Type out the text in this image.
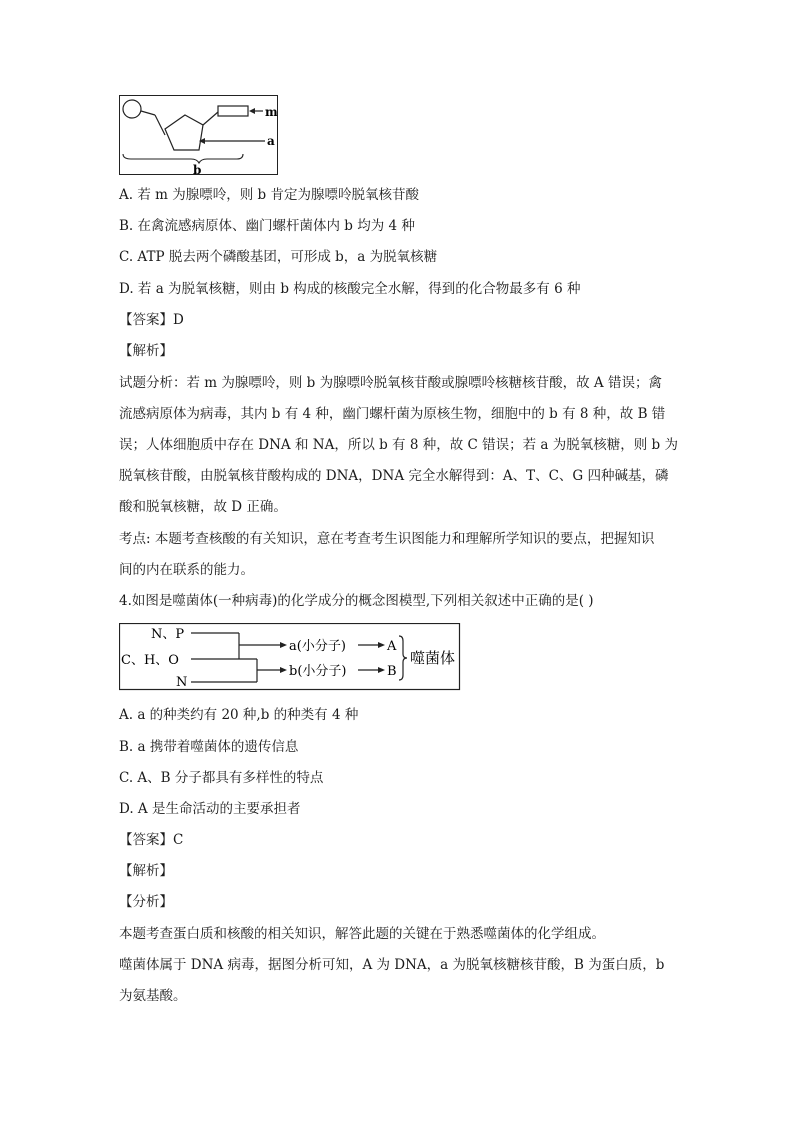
m
a
b
A. 若 m 为腺嘌呤，则 b 肯定为腺嘌呤脱氧核苷酸
B. 在禽流感病原体、幽门螺杆菌体内 b 均为 4 种
C. ATP 脱去两个磷酸基团，可形成 b，a 为脱氧核糖
D. 若 a 为脱氧核糖，则由 b 构成的核酸完全水解，得到的化合物最多有 6 种
【答案】D
【解析】
试题分析：若 m 为腺嘌呤，则 b 为腺嘌呤脱氧核苷酸或腺嘌呤核糖核苷酸，故 A 错误；禽
流感病原体为病毒，其内 b 有 4 种，幽门螺杆菌为原核生物，细胞中的 b 有 8 种，故 B 错
误；人体细胞质中存在 DNA 和 NA，所以 b 有 8 种，故 C 错误；若 a 为脱氧核糖，则 b 为
脱氧核苷酸，由脱氧核苷酸构成的 DNA，DNA 完全水解得到：A、T、C、G 四种碱基，磷
酸和脱氧核糖，故 D 正确。
考点: 本题考查核酸的有关知识，意在考查考生识图能力和理解所学知识的要点，把握知识
间的内在联系的能力。
4.如图是噬菌体(一种病毒)的化学成分的概念图模型,下列相关叙述中正确的是( )
N、P
C、H、O
N
a(小分子)
b(小分子)
A
B
噬菌体
A. a 的种类约有 20 种,b 的种类有 4 种
B. a 携带着噬菌体的遗传信息
C. A、B 分子都具有多样性的特点
D. A 是生命活动的主要承担者
【答案】C
【解析】
【分析】
本题考查蛋白质和核酸的相关知识，解答此题的关键在于熟悉噬菌体的化学组成。
噬菌体属于 DNA 病毒，据图分析可知，A 为 DNA，a 为脱氧核糖核苷酸，B 为蛋白质，b
为氨基酸。
